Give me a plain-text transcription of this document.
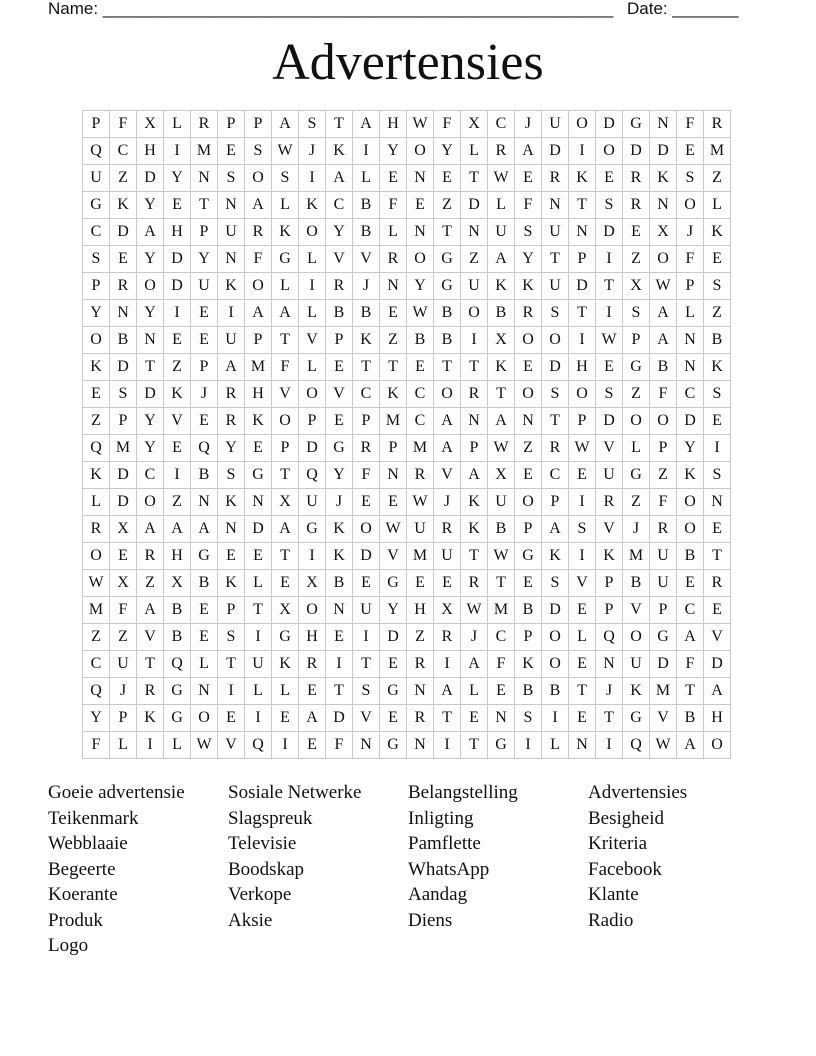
Name: ______________________________________________________ Date: _______
Advertensies
P	F	X	L	R	P	P	A	S	T	A H W F	X C	J	U O D G N	F	R
Q C H	I	M E	S W	J	K	I	Y O Y	L	R A D	I	O D D	E M
U	Z	D Y N	S	O	S	I	A	L	E	N	E	T W E	R K	E	R K	S	Z
G K Y	E	T	N A	L	K C	B	F	E	Z	D	L	F	N	T	S	R N O	L
C D A H	P	U R K O Y B	L	N	T	N U	S	U N D	E	X	J	K
S	E	Y D Y N	F	G	L	V V R O G	Z	A Y	T	P	I	Z	O	F	E
P	R O D U K O	L	I	R	J	N Y G U K K U D	T	X W P	S
Y N Y	I	E	I	A A	L	B	B	E W B O B	R	S	T	I	S	A	L	Z
O B N	E	E	U	P	T	V	P	K	Z	B	B	I	X O O	I	W P	A N B
K D	T	Z	P	A M F	L	E	T	T	E	T	T	K	E	D H	E	G B N K
E	S	D K	J	R H V O V C K C O R	T	O	S	O	S	Z	F	C	S
Z	P	Y V	E	R K O	P	E	P M C A N A N	T	P	D O O D	E
Q M Y	E	Q Y	E	P	D G R	P M A	P W Z	R W V	L	P	Y	I
K D C	I	B	S	G	T	Q Y	F	N R V A X	E	C	E	U G	Z	K	S
L	D O	Z	N K N X U	J	E	E W	J	K U O	P	I	R	Z	F	O N
R X A A A N D A G K O W U R K B	P	A	S	V	J	R O	E
O	E	R H G	E	E	T	I	K D V M U	T W G K	I	K M U B	T
W X	Z	X B K	L	E	X B	E	G	E	E	R	T	E	S	V	P	B U	E	R
M F	A B	E	P	T	X O N U Y H X W M B D	E	P	V	P	C	E
Z	Z	V B	E	S	I	G H	E	I	D	Z	R	J	C	P	O	L	Q O G A V
C U	T	Q	L	T	U K R	I	T	E	R	I	A	F	K O	E	N U D	F	D
Q	J	R G N	I	L	L	E	T	S	G N A	L	E	B	B	T	J	K M T	A
Y	P	K G O	E	I	E	A D V	E	R	T	E	N	S	I	E	T	G V B H
F	L	I	L W V Q	I	E	F	N G N	I	T	G	I	L	N	I	Q W A O
Goeie advertensie	Sosiale Netwerke	Belangstelling	Advertensies
Teikenmark	Slagspreuk	Inligting	Besigheid
Webblaaie	Televisie	Pamflette	Kriteria
Begeerte	Boodskap	WhatsApp	Facebook
Koerante	Verkope	Aandag	Klante
Produk	Aksie	Diens	Radio
Logo
